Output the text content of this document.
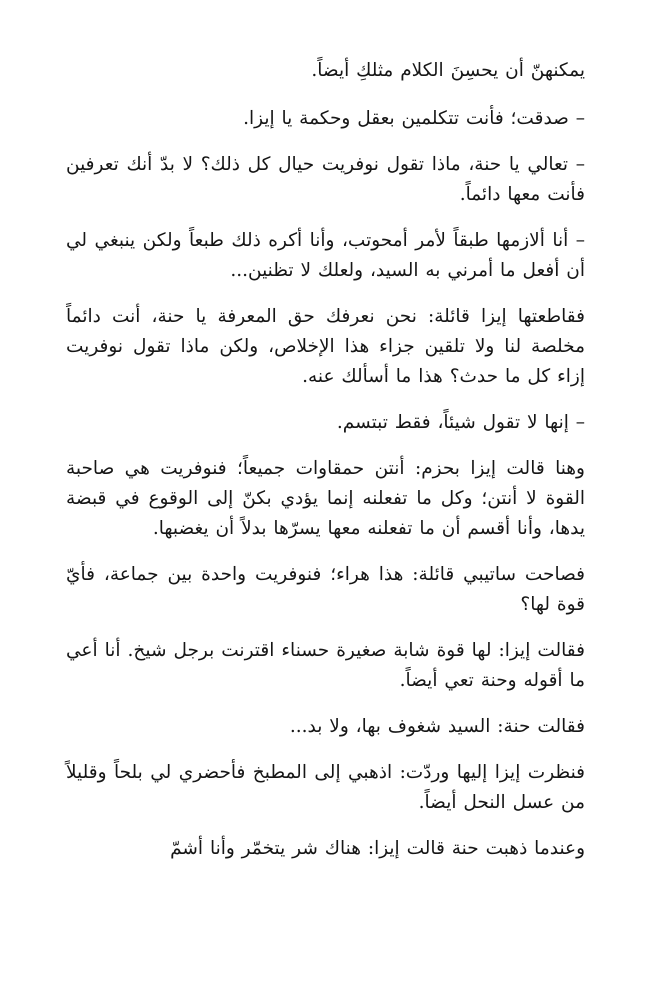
يمكنهنّ أن يحسِنَ الكلام مثلكِ أيضاً.

– صدقت؛ فأنت تتكلمين بعقل وحكمة يا إيزا.

– تعالي يا حنة، ماذا تقول نوفريت حيال كل ذلك؟ لا بدّ أنك تعرفين فأنت معها دائماً.

– أنا ألازمها طبقاً لأمر أمحوتب، وأنا أكره ذلك طبعاً ولكن ينبغي لي أن أفعل ما أمرني به السيد، ولعلك لا تظنين...

فقاطعتها إيزا قائلة: نحن نعرفك حق المعرفة يا حنة، أنت دائماً مخلصة لنا ولا تلقين جزاء هذا الإخلاص، ولكن ماذا تقول نوفريت إزاء كل ما حدث؟ هذا ما أسألك عنه.

– إنها لا تقول شيئاً، فقط تبتسم.

وهنا قالت إيزا بحزم: أنتن حمقاوات جميعاً؛ فنوفريت هي صاحبة القوة لا أنتن؛ وكل ما تفعلنه إنما يؤدي بكنّ إلى الوقوع في قبضة يدها، وأنا أقسم أن ما تفعلنه معها يسرّها بدلاً أن يغضبها.

فصاحت ساتيبي قائلة: هذا هراء؛ فنوفريت واحدة بين جماعة، فأيّ قوة لها؟

فقالت إيزا: لها قوة شابة صغيرة حسناء اقترنت برجل شيخ. أنا أعي ما أقوله وحنة تعي أيضاً.

فقالت حنة: السيد شغوف بها، ولا بد...

فنظرت إيزا إليها وردّت: اذهبي إلى المطبخ فأحضري لي بلحاً وقليلاً من عسل النحل أيضاً.

وعندما ذهبت حنة قالت إيزا: هناك شر يتخمّر وأنا أشمّ
